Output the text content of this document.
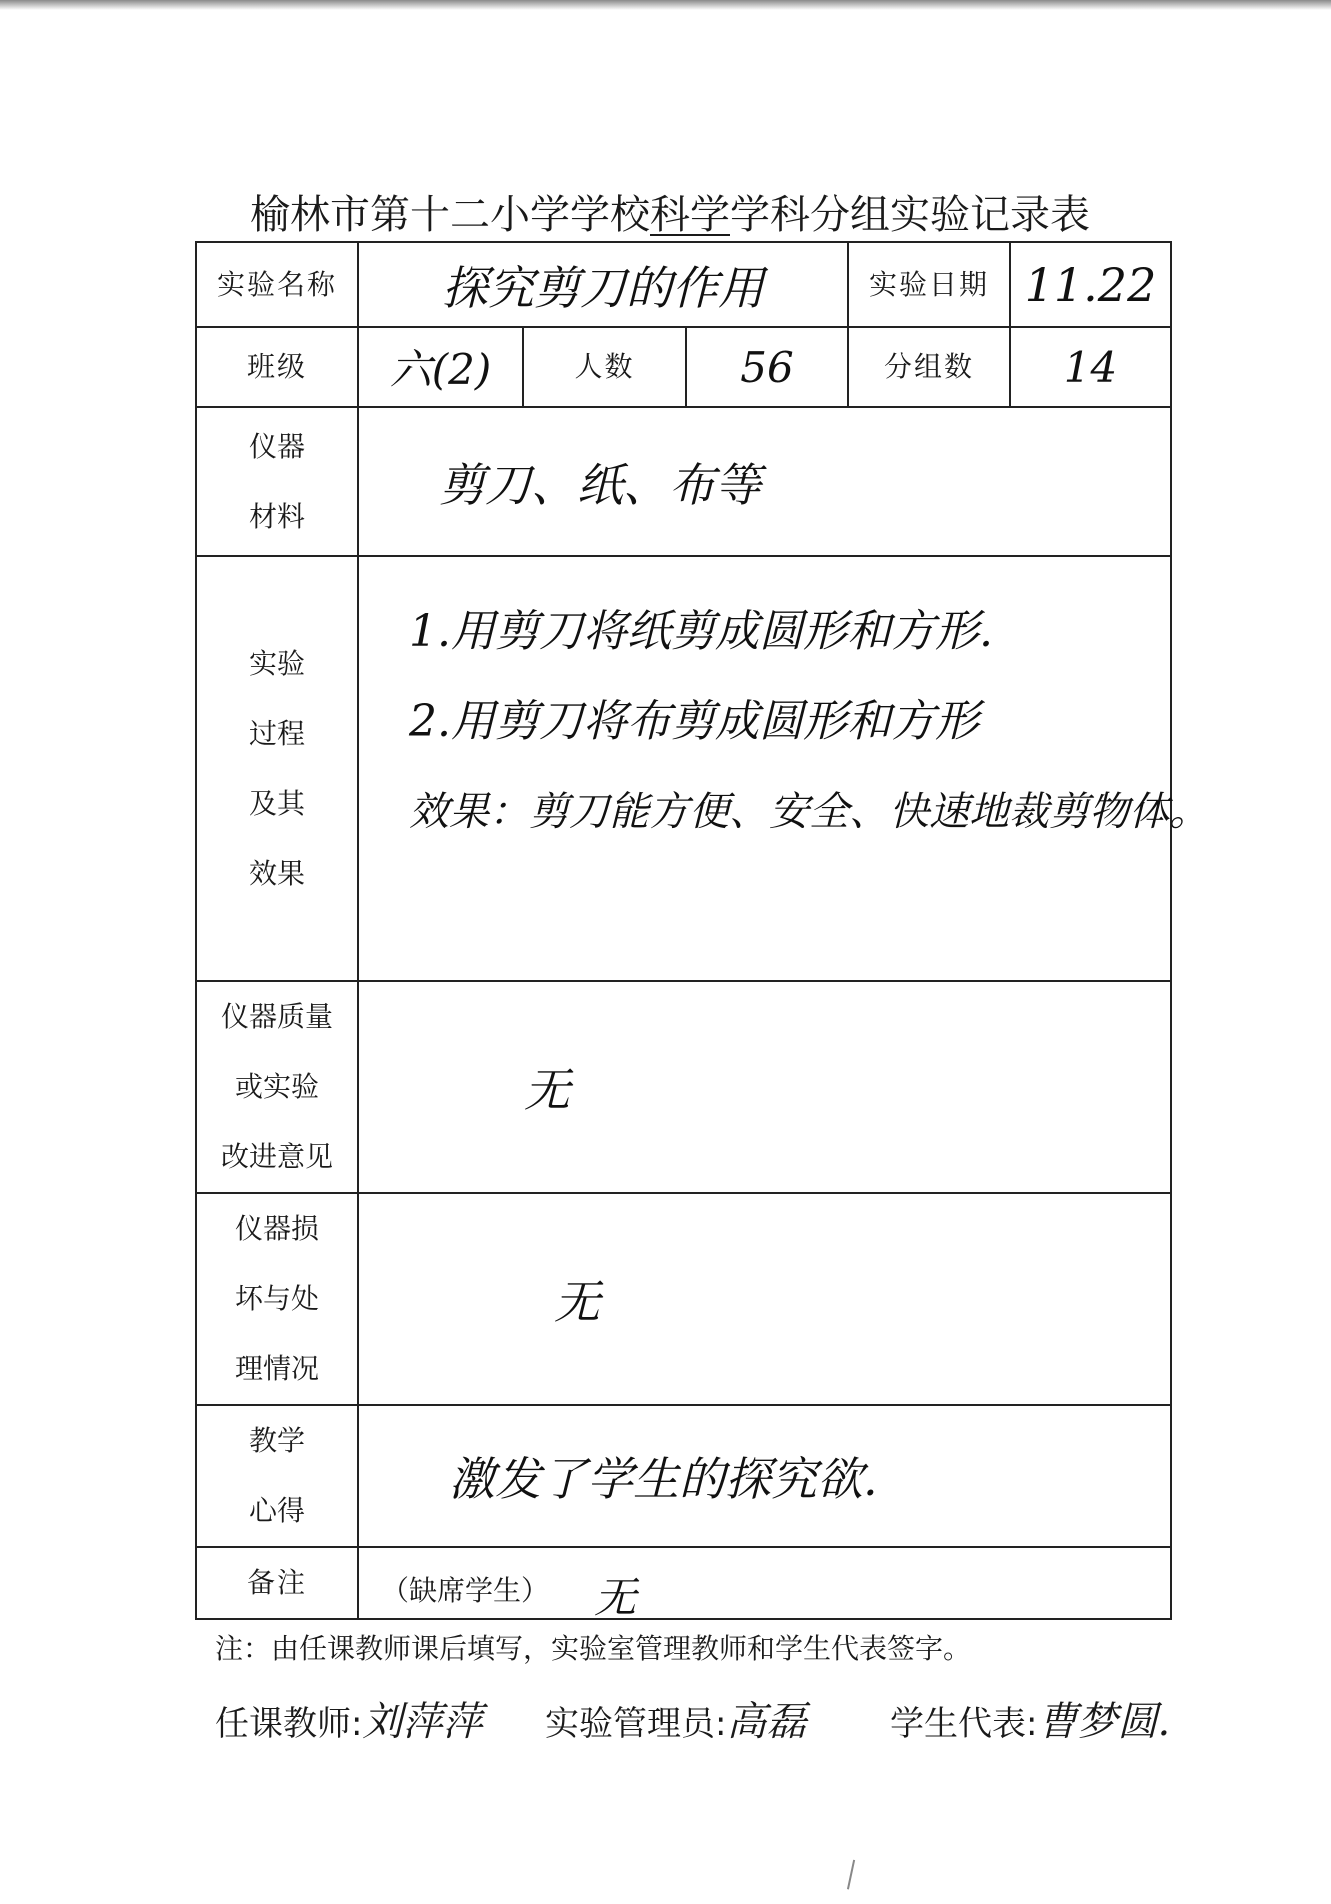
榆林市第十二小学学校科学学科分组实验记录表
实验名称	探究剪刀的作用			实验日期	11.22
班级	六(2)	人数	56	分组数	14

仪器
材料	剪刀、纸、布等				

实验
过程
及其
效果	1.用剪刀将纸剪成圆形和方形.
2.用剪刀将布剪成圆形和方形
效果：剪刀能方便、安全、快速地裁剪物体。				

仪器质量
或实验
改进意见	无				

仪器损
坏与处
理情况	无				

教学
心得	激发了学生的探究欲.				
备注	（缺席学生） 无				
注：由任课教师课后填写，实验室管理教师和学生代表签字。
任课教师:刘萍萍 实验管理员:高磊 学生代表:曹梦圆.
